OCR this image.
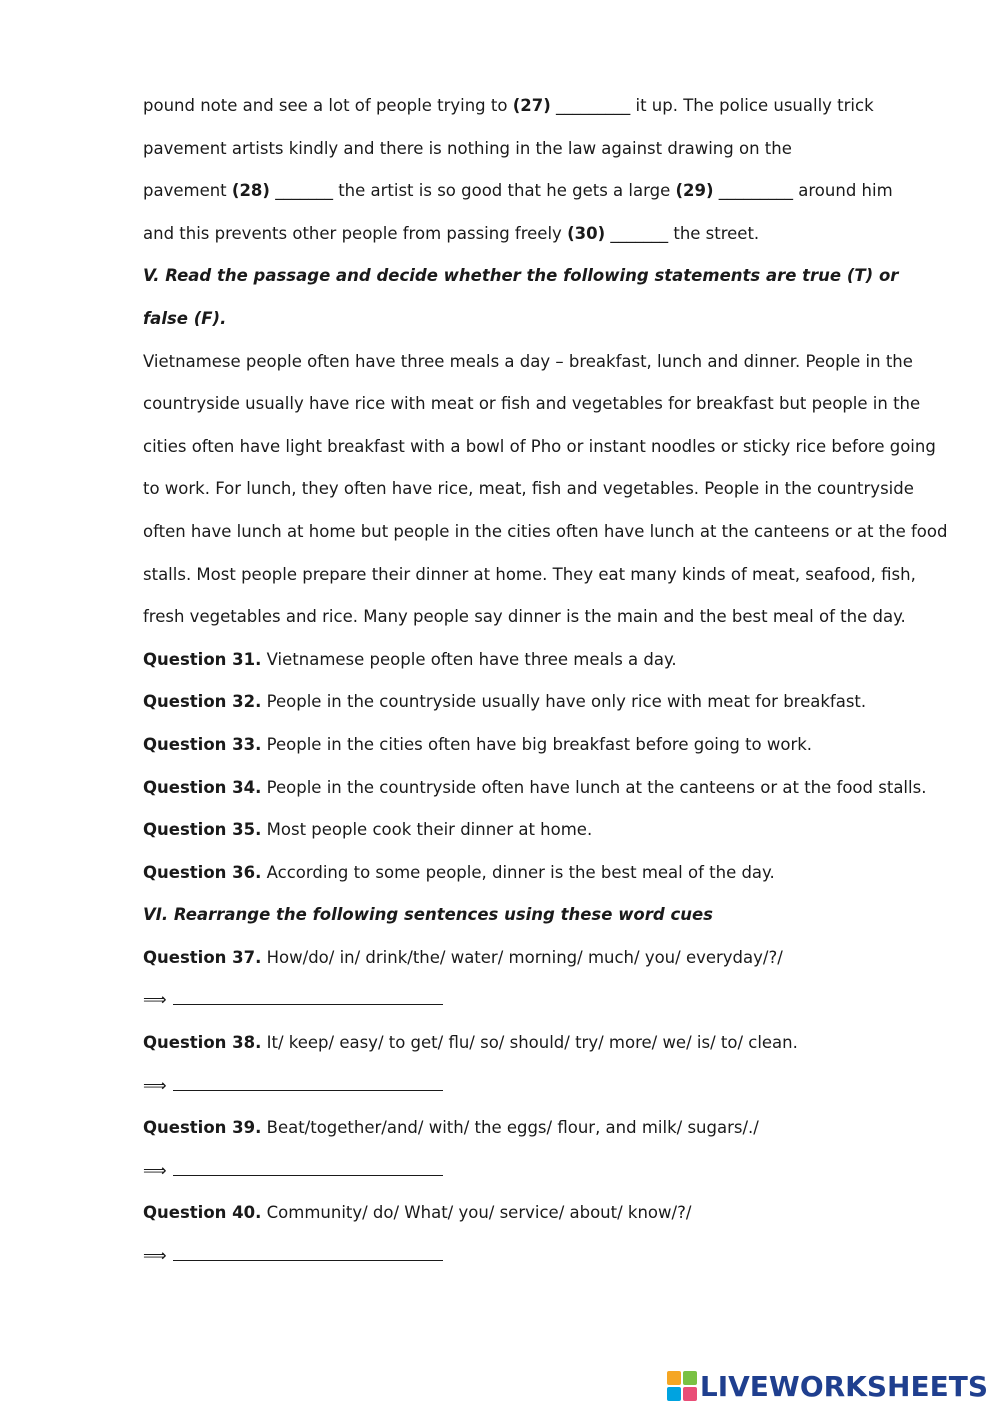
pound note and see a lot of people trying to (27) _________ it up. The police usually trick
pavement artists kindly and there is nothing in the law against drawing on the
pavement (28) _______ the artist is so good that he gets a large (29) _________ around him
and this prevents other people from passing freely (30) _______ the street.
V. Read the passage and decide whether the following statements are true (T) or
false (F).
Vietnamese people often have three meals a day – breakfast, lunch and dinner. People in the
countryside usually have rice with meat or fish and vegetables for breakfast but people in the
cities often have light breakfast with a bowl of Pho or instant noodles or sticky rice before going
to work. For lunch, they often have rice, meat, fish and vegetables. People in the countryside
often have lunch at home but people in the cities often have lunch at the canteens or at the food
stalls. Most people prepare their dinner at home. They eat many kinds of meat, seafood, fish,
fresh vegetables and rice. Many people say dinner is the main and the best meal of the day.
Question 31. Vietnamese people often have three meals a day.
Question 32. People in the countryside usually have only rice with meat for breakfast.
Question 33. People in the cities often have big breakfast before going to work.
Question 34. People in the countryside often have lunch at the canteens or at the food stalls.
Question 35. Most people cook their dinner at home.
Question 36. According to some people, dinner is the best meal of the day.
VI. Rearrange the following sentences using these word cues
Question 37. How/do/ in/ drink/the/ water/ morning/ much/ you/ everyday/?/
⟹
Question 38. It/ keep/ easy/ to get/ flu/ so/ should/ try/ more/ we/ is/ to/ clean.
⟹
Question 39. Beat/together/and/ with/ the eggs/ flour, and milk/ sugars/./
⟹
Question 40. Community/ do/ What/ you/ service/ about/ know/?/
⟹
LIVEWORKSHEETS
